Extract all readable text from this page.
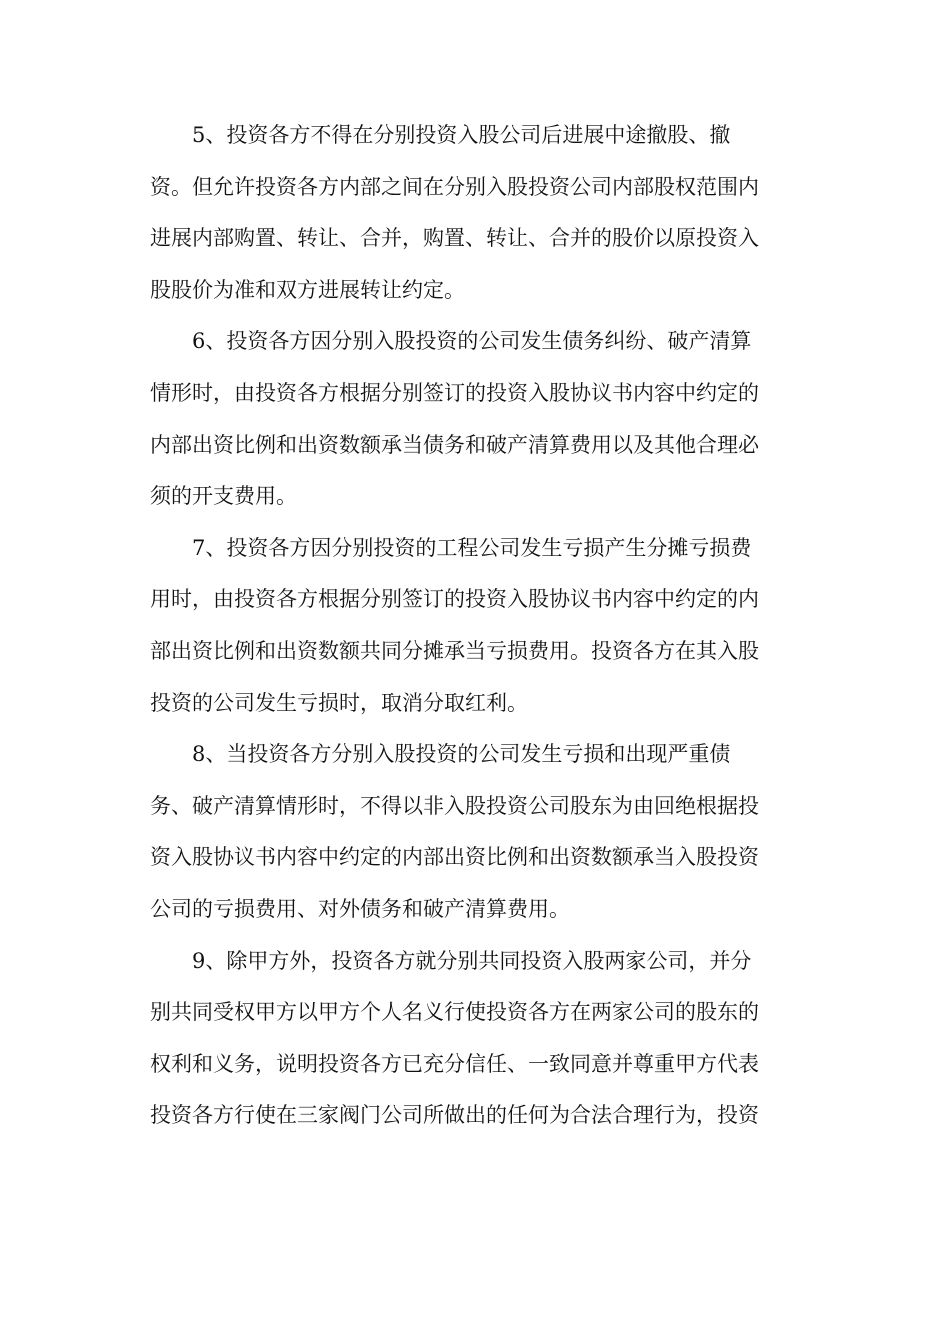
5、投资各方不得在分别投资入股公司后进展中途撤股、撤
资。但允许投资各方内部之间在分别入股投资公司内部股权范围内
进展内部购置、转让、合并，购置、转让、合并的股价以原投资入
股股价为准和双方进展转让约定。
6、投资各方因分别入股投资的公司发生债务纠纷、破产清算
情形时，由投资各方根据分别签订的投资入股协议书内容中约定的
内部出资比例和出资数额承当债务和破产清算费用以及其他合理必
须的开支费用。
7、投资各方因分别投资的工程公司发生亏损产生分摊亏损费
用时，由投资各方根据分别签订的投资入股协议书内容中约定的内
部出资比例和出资数额共同分摊承当亏损费用。投资各方在其入股
投资的公司发生亏损时，取消分取红利。
8、当投资各方分别入股投资的公司发生亏损和出现严重债
务、破产清算情形时，不得以非入股投资公司股东为由回绝根据投
资入股协议书内容中约定的内部出资比例和出资数额承当入股投资
公司的亏损费用、对外债务和破产清算费用。
9、除甲方外，投资各方就分别共同投资入股两家公司，并分
别共同受权甲方以甲方个人名义行使投资各方在两家公司的股东的
权利和义务，说明投资各方已充分信任、一致同意并尊重甲方代表
投资各方行使在三家阀门公司所做出的任何为合法合理行为，投资
